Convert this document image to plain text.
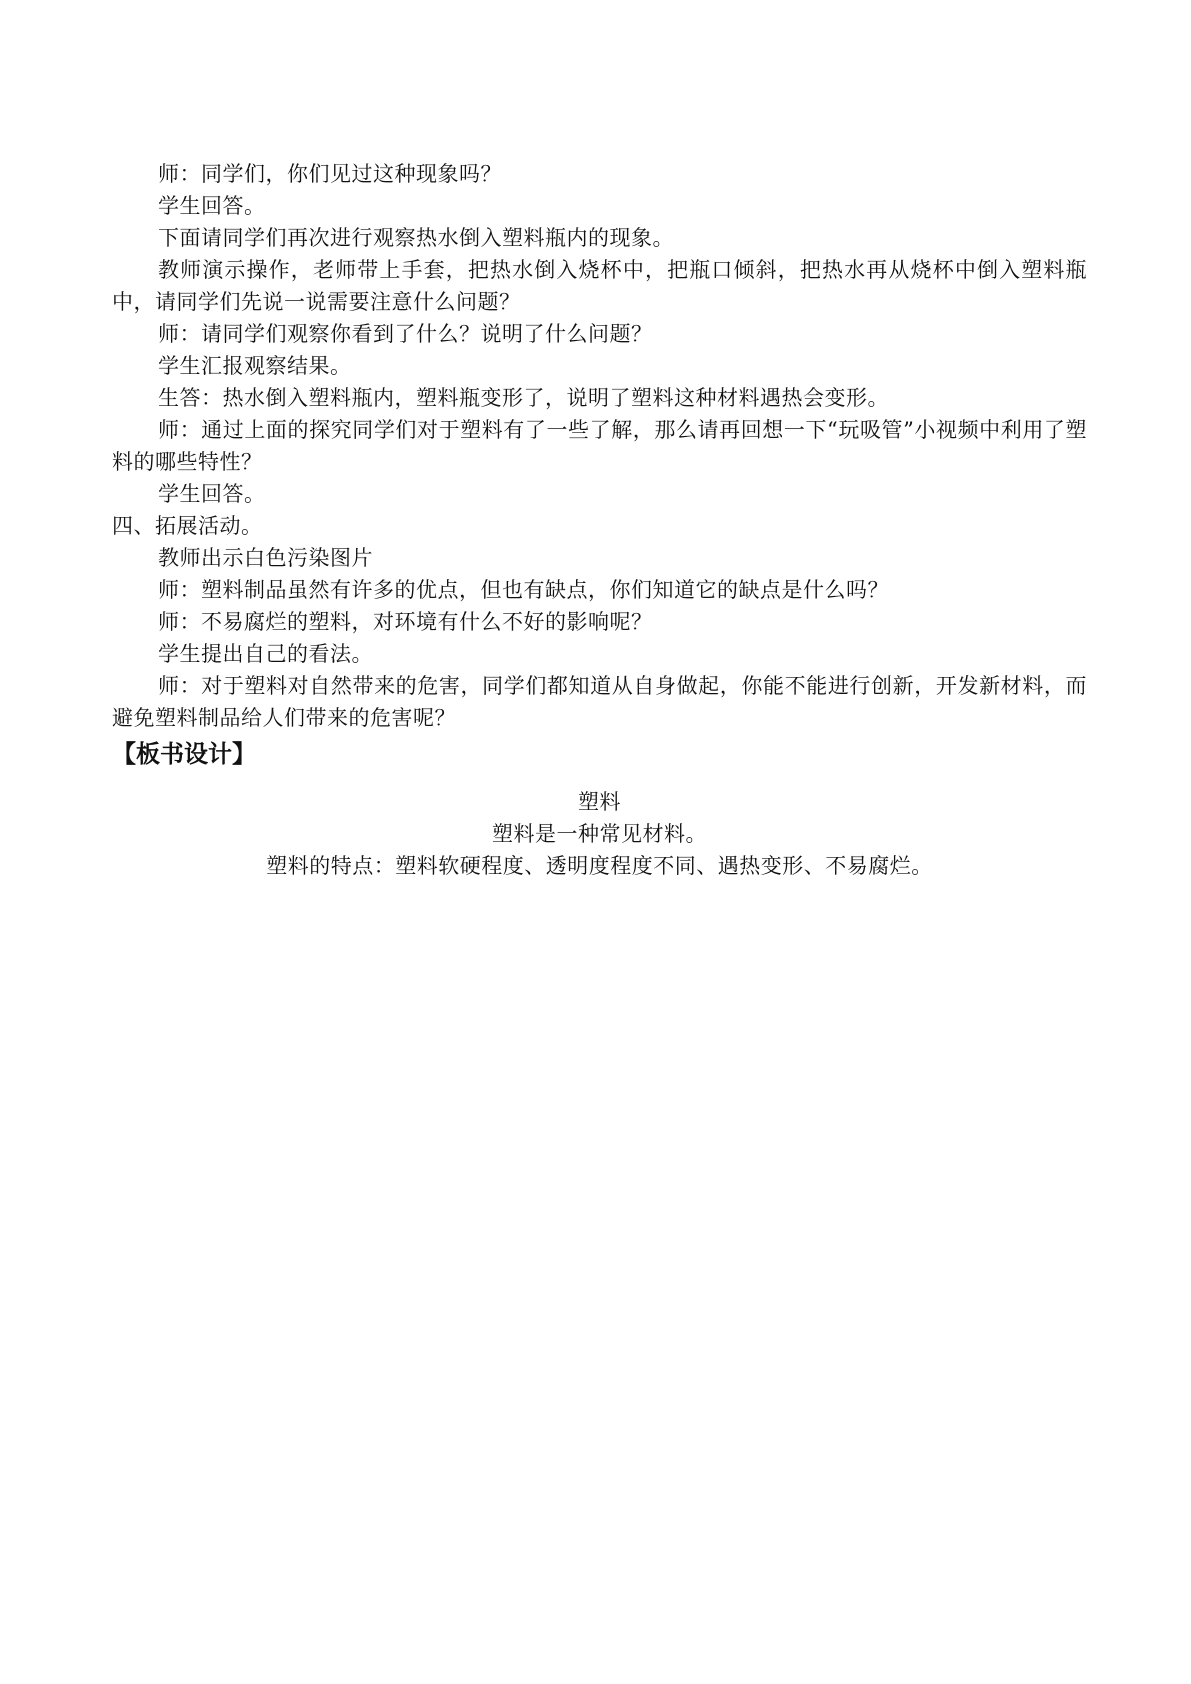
师：同学们，你们见过这种现象吗？

学生回答。

下面请同学们再次进行观察热水倒入塑料瓶内的现象。

教师演示操作，老师带上手套，把热水倒入烧杯中，把瓶口倾斜，把热水再从烧杯中倒入塑料瓶中，请同学们先说一说需要注意什么问题？

师：请同学们观察你看到了什么？说明了什么问题？

学生汇报观察结果。

生答：热水倒入塑料瓶内，塑料瓶变形了，说明了塑料这种材料遇热会变形。

师：通过上面的探究同学们对于塑料有了一些了解，那么请再回想一下“玩吸管”小视频中利用了塑料的哪些特性？

学生回答。

四、拓展活动。

教师出示白色污染图片

师：塑料制品虽然有许多的优点，但也有缺点，你们知道它的缺点是什么吗？

师：不易腐烂的塑料，对环境有什么不好的影响呢？

学生提出自己的看法。

师：对于塑料对自然带来的危害，同学们都知道从自身做起，你能不能进行创新，开发新材料，而避免塑料制品给人们带来的危害呢？

【板书设计】

塑料

塑料是一种常见材料。

塑料的特点：塑料软硬程度、透明度程度不同、遇热变形、不易腐烂。
